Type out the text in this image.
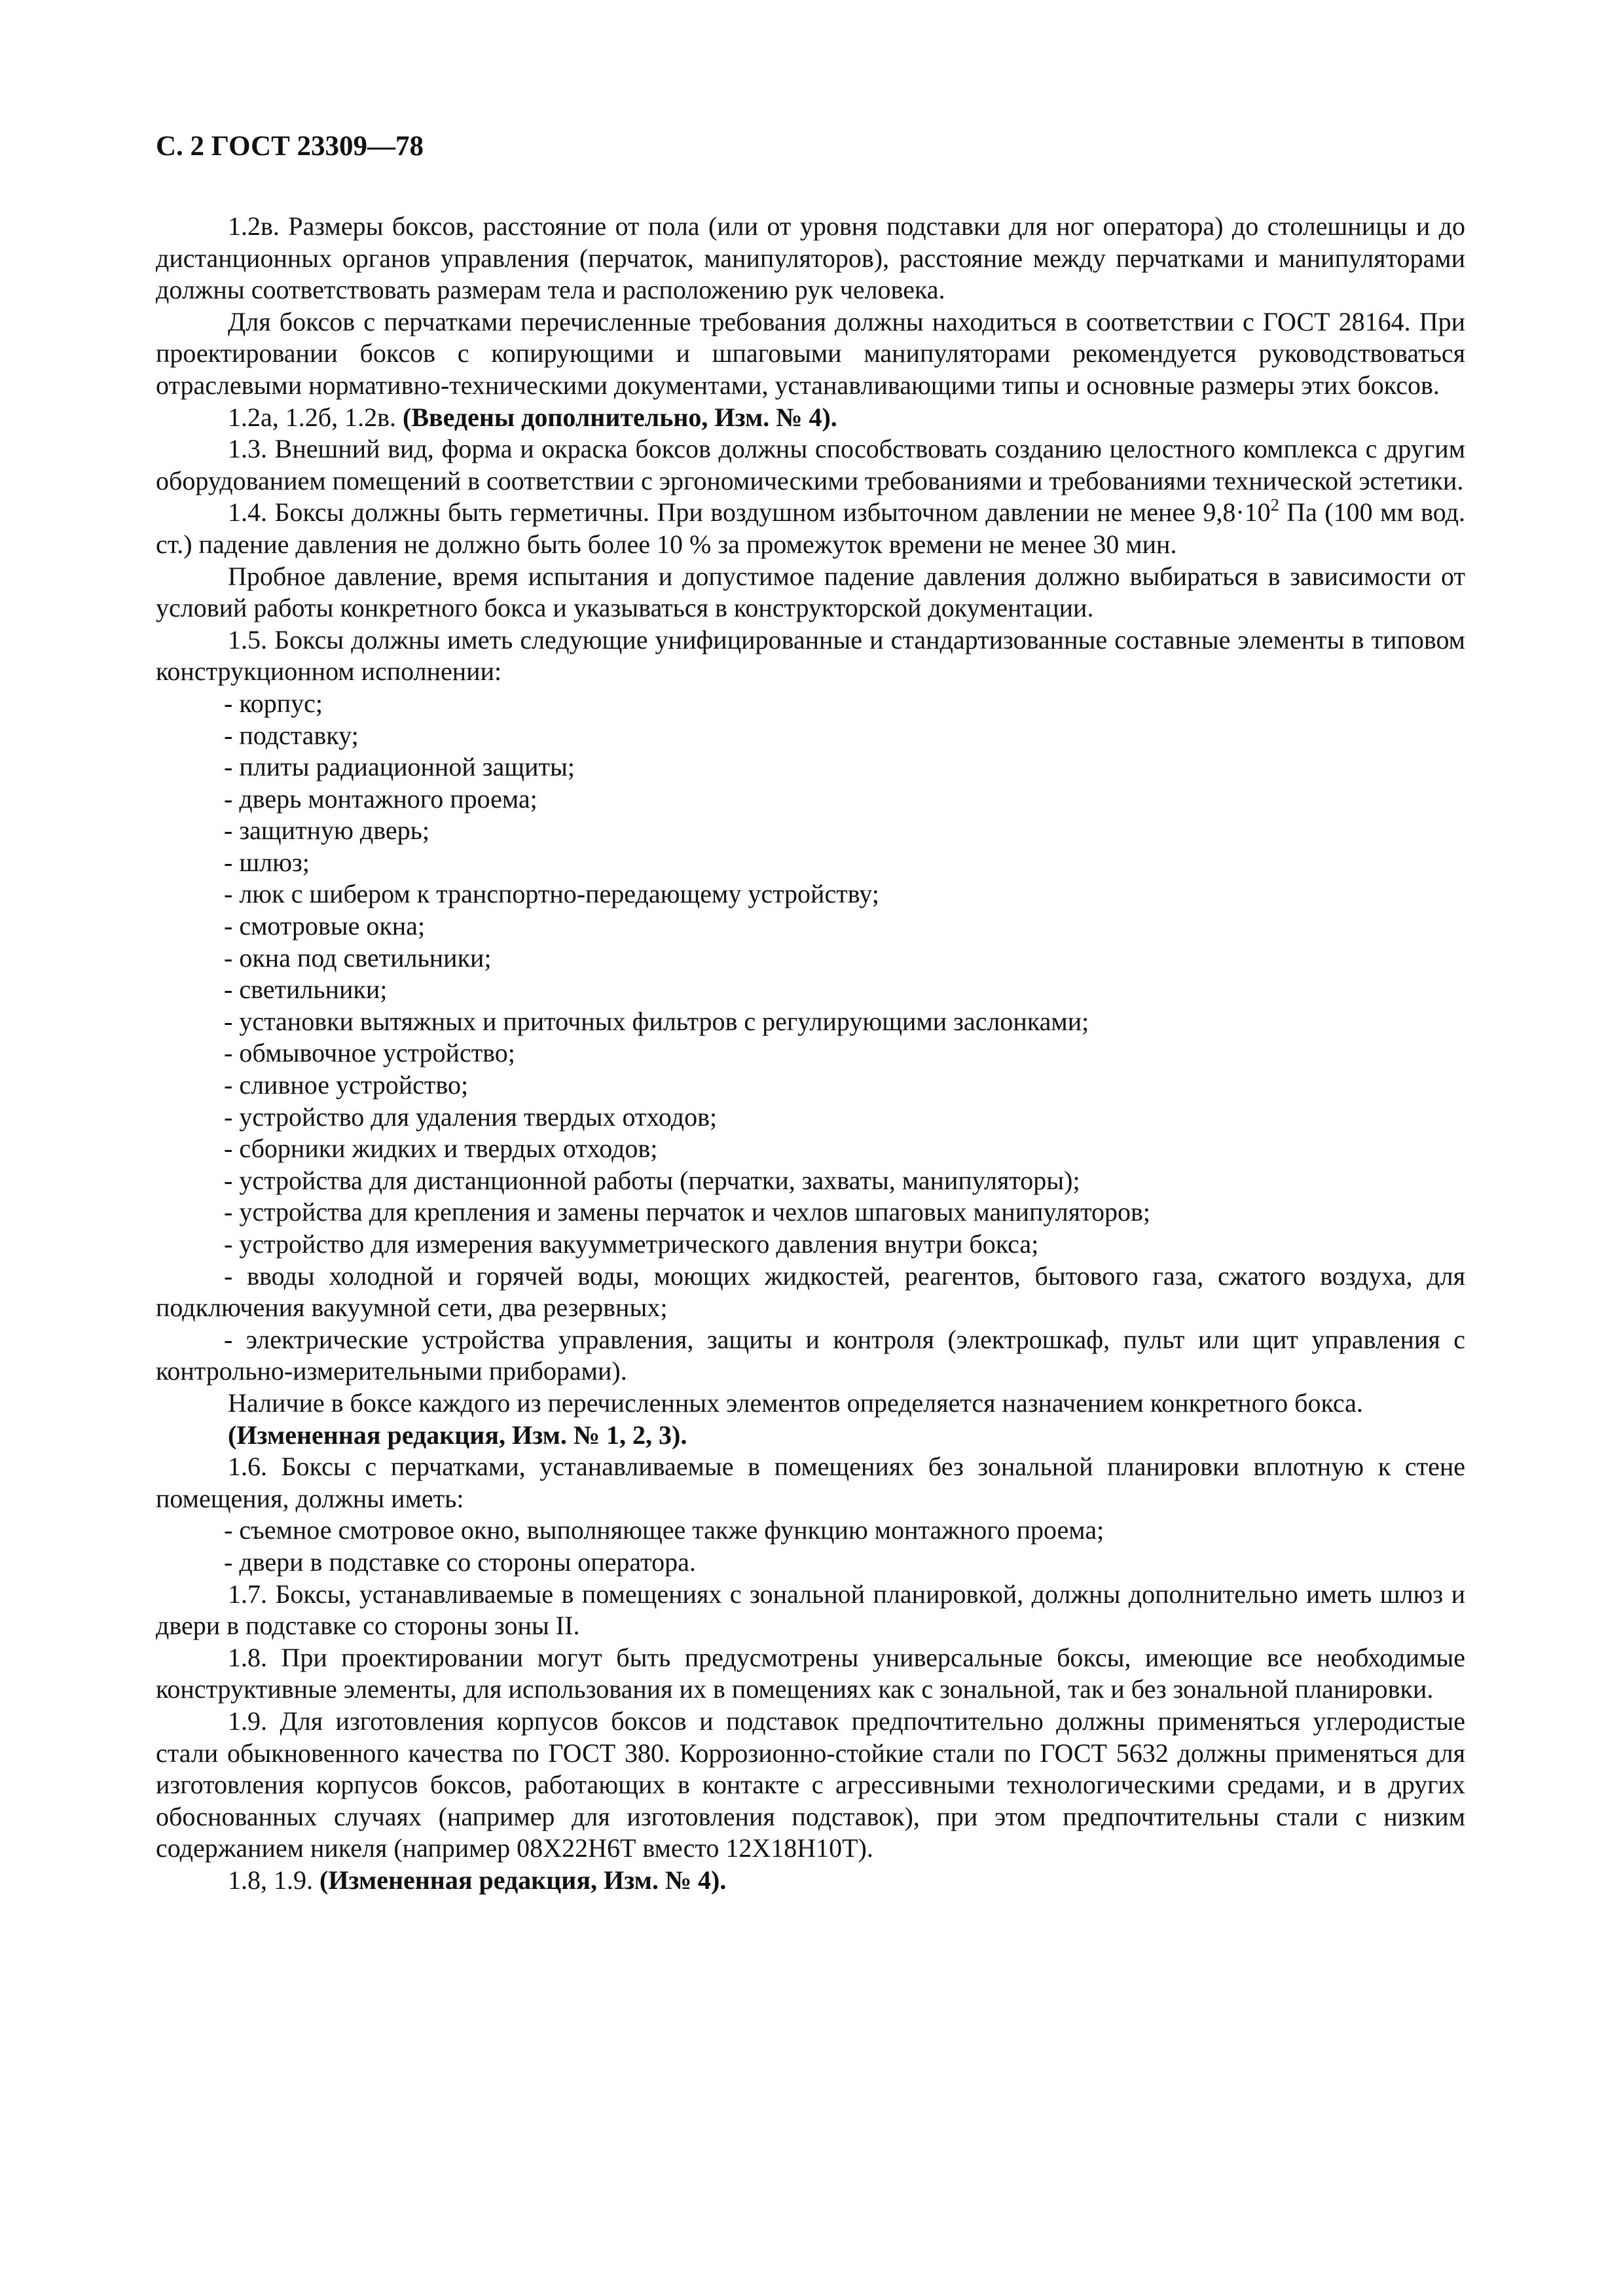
С. 2 ГОСТ 23309—78

1.2в. Размеры боксов, расстояние от пола (или от уровня подставки для ног оператора) до столешницы и до дистанционных органов управления (перчаток, манипуляторов), расстояние между перчатками и манипуляторами должны соответствовать размерам тела и расположению рук человека.

Для боксов с перчатками перечисленные требования должны находиться в соответствии с ГОСТ 28164. При проектировании боксов с копирующими и шпаговыми манипуляторами рекомендуется руководствоваться отраслевыми нормативно-техническими документами, устанавливающими типы и основные размеры этих боксов.

1.2а, 1.2б, 1.2в. (Введены дополнительно, Изм. № 4).

1.3. Внешний вид, форма и окраска боксов должны способствовать созданию целостного комплекса с другим оборудованием помещений в соответствии с эргономическими требованиями и требованиями технической эстетики.

1.4. Боксы должны быть герметичны. При воздушном избыточном давлении не менее $9,8\cdot 10^2$ Па (100 мм вод. ст.) падение давления не должно быть более 10 % за промежуток времени не менее 30 мин.

Пробное давление, время испытания и допустимое падение давления должно выбираться в зависимости от условий работы конкретного бокса и указываться в конструкторской документации.

1.5. Боксы должны иметь следующие унифицированные и стандартизованные составные элементы в типовом конструкционном исполнении:

- корпус;

- подставку;

- плиты радиационной защиты;

- дверь монтажного проема;

- защитную дверь;

- шлюз;

- люк с шибером к транспортно-передающему устройству;

- смотровые окна;

- окна под светильники;

- светильники;

- установки вытяжных и приточных фильтров с регулирующими заслонками;

- обмывочное устройство;

- сливное устройство;

- устройство для удаления твердых отходов;

- сборники жидких и твердых отходов;

- устройства для дистанционной работы (перчатки, захваты, манипуляторы);

- устройства для крепления и замены перчаток и чехлов шпаговых манипуляторов;

- устройство для измерения вакуумметрического давления внутри бокса;

- вводы холодной и горячей воды, моющих жидкостей, реагентов, бытового газа, сжатого воздуха, для подключения вакуумной сети, два резервных;

- электрические устройства управления, защиты и контроля (электрошкаф, пульт или щит управления с контрольно-измерительными приборами).

Наличие в боксе каждого из перечисленных элементов определяется назначением конкретного бокса.

(Измененная редакция, Изм. № 1, 2, 3).

1.6. Боксы с перчатками, устанавливаемые в помещениях без зональной планировки вплотную к стене помещения, должны иметь:

- съемное смотровое окно, выполняющее также функцию монтажного проема;

- двери в подставке со стороны оператора.

1.7. Боксы, устанавливаемые в помещениях с зональной планировкой, должны дополнительно иметь шлюз и двери в подставке со стороны зоны II.

1.8. При проектировании могут быть предусмотрены универсальные боксы, имеющие все необходимые конструктивные элементы, для использования их в помещениях как с зональной, так и без зональной планировки.

1.9. Для изготовления корпусов боксов и подставок предпочтительно должны применяться углеродистые стали обыкновенного качества по ГОСТ 380. Коррозионно-стойкие стали по ГОСТ 5632 должны применяться для изготовления корпусов боксов, работающих в контакте с агрессивными технологическими средами, и в других обоснованных случаях (например для изготовления подставок), при этом предпочтительны стали с низким содержанием никеля (например 08Х22Н6Т вместо 12Х18Н10Т).

1.8, 1.9. (Измененная редакция, Изм. № 4).
